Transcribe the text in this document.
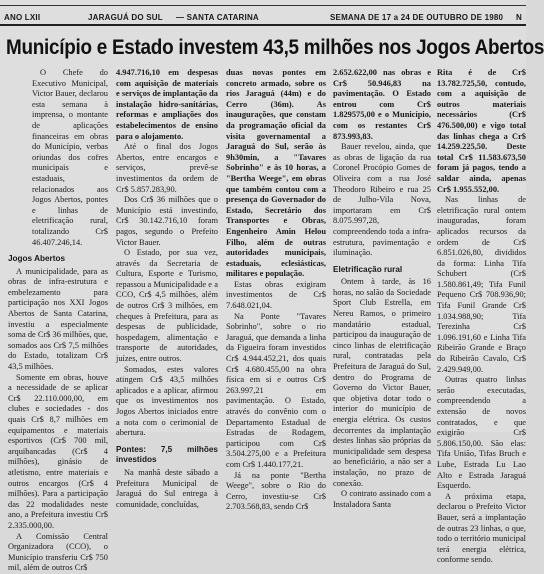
ANO LXII	JARAGUÁ DO SUL — SANTA CATARINA	SEMANA DE 17 a 24 DE OUTUBRO DE 1980 N
Município e Estado investem 43,5 milhões nos Jogos Abertos

O Chefe do Executivo Municipal, Victor Bauer, declarou esta semana à imprensa, o montante de aplicações financeiras em obras do Município, verbas oriundas dos cofres municipais e estaduais, relacionados aos Jogos Abertos, pontes e linhas de eletrificação rural, totalizando Cr$ 46.407.246,14.

Jogos Abertos

A municipalidade, para as obras de infra-estrutura e embelezamento para participação nos XXI Jogos Abertos de Santa Catarina, investiu a especialmente soma de Cr$ 36 milhões, que, somados aos Cr$ 7,5 milhões do Estado, totalizam Cr$ 43,5 milhões.

Somente em obras, houve a necessidade de se aplicar Cr$ 22.110.000,00, em clubes e sociedades - dos quais Cr$ 8,7 milhões em equipamentos e materiais esportivos (Cr$ 700 mil, arquibancadas (Cr$ 4 milhões), ginásio de atletismo, entre materiais e outros encargos (Cr$ 4 milhões). Para a participação das 22 modalidades neste ano, a Prefeitura investiu Cr$ 2.335.000,00.

A Comissão Central Organizadora (CCO), o Município transferiu Cr$ 750 mil, além de outros Cr$

4.947.716,10 em despesas com aquisição de materiais e serviços de implantação da instalação hidro-sanitárias, reformas e ampliações dos estabelecimentos de ensino para o alojamento.

Até o final dos Jogos Abertos, entre encargos e serviços, prevê-se investimentos da ordem de Cr$ 5.857.283,90.

Dos Cr$ 36 milhões que o Município está investindo, Cr$ 30.142.716,10 foram pagos, segundo o Prefeito Victor Bauer.

O Estado, por sua vez, através da Secretaria de Cultura, Esporte e Turismo, repassou a Municipalidade e a CCO, Cr$ 4,5 milhões, além de outros Cr$ 3 milhões, em cheques à Prefeitura, para as despesas de publicidade, hospedagem, alimentação e transporte de autoridades, juízes, entre outros.

Somados, estes valores atingem Cr$ 43,5 milhões aplicados e a aplicar, afirmou que os investimentos nos Jogos Abertos iniciados entre a nota com o cerimonial de abertura.

Pontes: 7,5 milhões investidos

Na manhã deste sábado a Prefeitura Municipal de Jaraguá do Sul entrega à comunidade, concluídas,

duas novas pontes em concreto armado, sobre os rios Jaraguá (44m) e do Cerro (36m). As inaugurações, que constam da programação oficial da visita governamental a Jaraguá do Sul, serão às 9h30min, a "Tavares Sobrinho" e às 10 horas, a "Bertha Weege", em obras que também contou com a presença do Governador do Estado, Secretário dos Transportes e Obras, Engenheiro Amin Helou Filho, além de outras autoridades municipais, estaduais, eclesiásticas, militares e população.

Estas obras exigiram investimentos de Cr$ 7.648.021,04.

Na Ponte "Tavares Sobrinho", sobre o rio Jaraguá, que demanda a linha da Figueira foram investidos Cr$ 4.944.452,21, dos quais Cr$ 4.680.455,00 na obra física em si e outros Cr$ 263.997,21 em pavimentação. O Estado, através do convênio com o Departamento Estadual de Estradas de Rodagem, participou com Cr$ 3.504.275,00 e a Prefeitura com Cr$ 1.440.177,21.

Já na ponte "Bertha Weege", sobre o Rio do Cerro, investiu-se Cr$ 2.703.568,83, sendo Cr$

2.652.622,00 nas obras e Cr$ 50.946,83 na pavimentação. O Estado entrou com Cr$ 1.829575,00 e o Município, com os restantes Cr$ 873.993,83.

Bauer revelou, ainda, que as obras de ligação da rua Coronel Procópio Gomes de Oliveira com a rua José Theodoro Ribeiro e rua 25 de Julho-Vila Nova, importaram em Cr$ 8.075.997,28, compreendendo toda a infra-estrutura, pavimentação e iluminação.

Eletrificação rural

Ontem à tarde, às 16 horas, no salão da Sociedade Sport Club Estrella, em Nereu Ramos, o primeiro mandatário estadual, participou da inauguração de cinco linhas de eletrificação rural, contratadas pela Prefeitura de Jaraguá do Sul, dentro do Programa de Governo do Victor Bauer, que objetiva dotar todo o interior do município de energia elétrica. Os custos decorrentes da implantação destes linhas são próprias da municipalidade sem despesa ao beneficiário, a não ser a instalação, no prazo de conexão.

O contrato assinado com a Instaladora Santa

Rita é de Cr$ 13.782.725,50, contudo, com a aquisição de outros materiais necessários (Cr$ 476.500,00) e vigo total das linhas chega a Cr$ 14.259.225,50. Deste total Cr$ 11.583.673,50 foram já pagos, tendo a saldar ainda, apenas Cr$ 1.955.552,00.

Nas linhas de eletrificação rural ontem inauguradas, foram aplicados recursos da ordem de Cr$ 6.851.026,80, divididos da forma: Linha Tifa Schubert (Cr$ 1.580.861,49; Tifa Funil Pequeno Cr$ 708.936,90; Tifa Funil Grande Cr$ 1.034.988,90; Tifa Terezinha Cr$ 1.096.191,60 e Linha Tifa Ribeirão Grande e Braço do Ribeirão Cavalo, Cr$ 2.429.949,00.

Outras quatro linhas serão executadas, compreendendo a extensão de novos contratados, e que exigirão Cr$ 5.806.150,00. São elas: Tifa União, Tifas Bruch e Lube, Estrada Lu Lao Alto e Estrada Jaraguá Esquerdo.

A próxima etapa, declarou o Prefeito Victor Bauer, será a implantação de outras 23 linhas, o que, todo o território municipal terá energia elétrica, conforme sendo.
